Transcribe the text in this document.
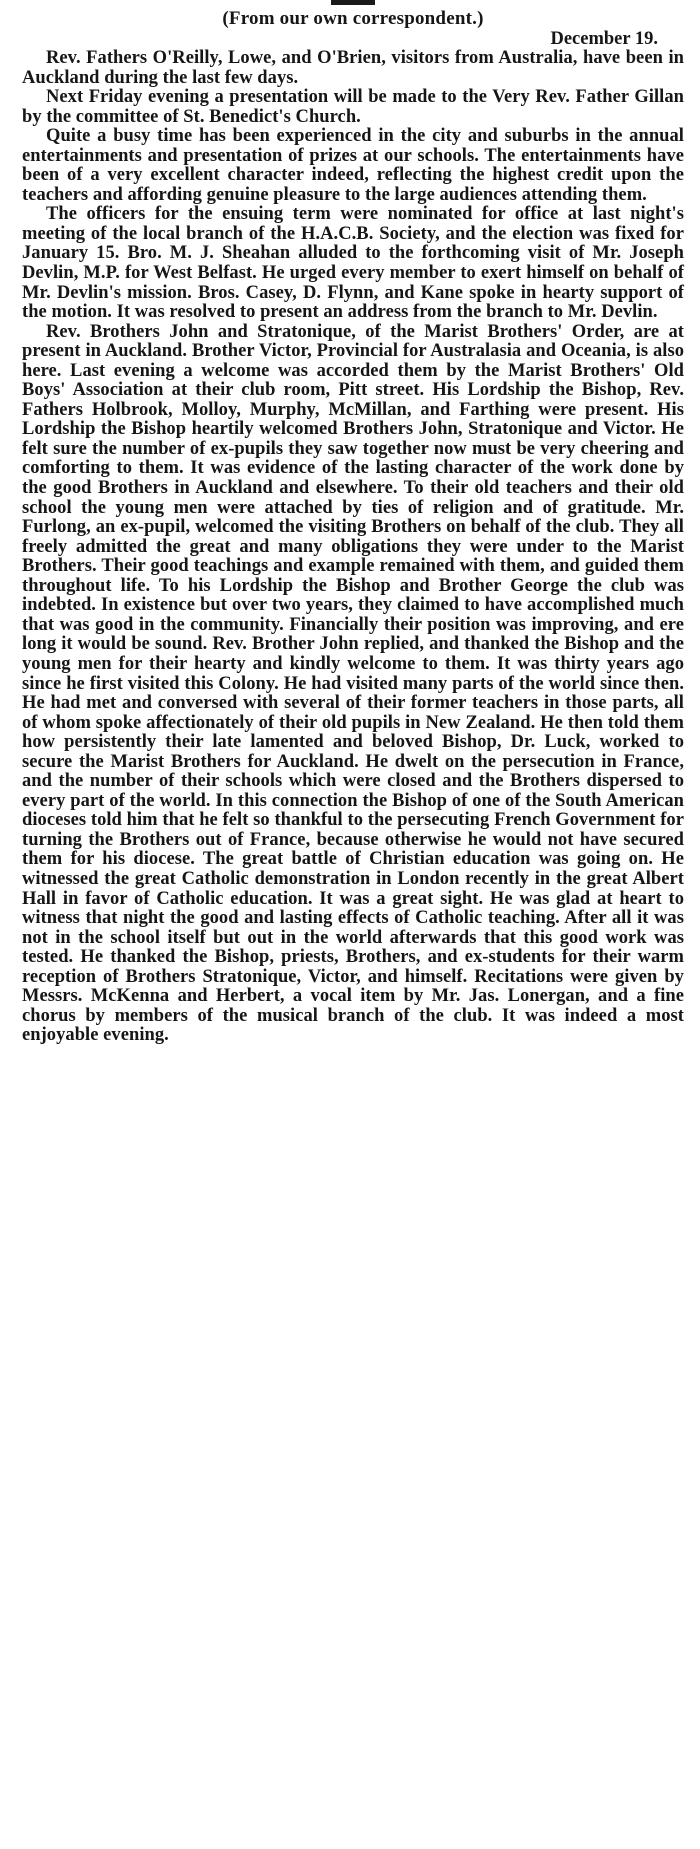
(From our own correspondent.)
December 19.

Rev. Fathers O'Reilly, Lowe, and O'Brien, visitors from Australia, have been in Auckland during the last few days.

Next Friday evening a presentation will be made to the Very Rev. Father Gillan by the committee of St. Benedict's Church.

Quite a busy time has been experienced in the city and suburbs in the annual entertainments and presentation of prizes at our schools. The entertainments have been of a very excellent character indeed, reflecting the highest credit upon the teachers and affording genuine pleasure to the large audiences attending them.

The officers for the ensuing term were nominated for office at last night's meeting of the local branch of the H.A.C.B. Society, and the election was fixed for January 15. Bro. M. J. Sheahan alluded to the forthcoming visit of Mr. Joseph Devlin, M.P. for West Belfast. He urged every member to exert himself on behalf of Mr. Devlin's mission. Bros. Casey, D. Flynn, and Kane spoke in hearty support of the motion. It was resolved to present an address from the branch to Mr. Devlin.

Rev. Brothers John and Stratonique, of the Marist Brothers' Order, are at present in Auckland. Brother Victor, Provincial for Australasia and Oceania, is also here. Last evening a welcome was accorded them by the Marist Brothers' Old Boys' Association at their club room, Pitt street. His Lordship the Bishop, Rev. Fathers Holbrook, Molloy, Murphy, McMillan, and Farthing were present. His Lordship the Bishop heartily welcomed Brothers John, Stratonique and Victor. He felt sure the number of ex-pupils they saw together now must be very cheering and comforting to them. It was evidence of the lasting character of the work done by the good Brothers in Auckland and elsewhere. To their old teachers and their old school the young men were attached by ties of religion and of gratitude. Mr. Furlong, an ex-pupil, welcomed the visiting Brothers on behalf of the club. They all freely admitted the great and many obligations they were under to the Marist Brothers. Their good teachings and example remained with them, and guided them throughout life. To his Lordship the Bishop and Brother George the club was indebted. In existence but over two years, they claimed to have accomplished much that was good in the community. Financially their position was improving, and ere long it would be sound. Rev. Brother John replied, and thanked the Bishop and the young men for their hearty and kindly welcome to them. It was thirty years ago since he first visited this Colony. He had visited many parts of the world since then. He had met and conversed with several of their former teachers in those parts, all of whom spoke affectionately of their old pupils in New Zealand. He then told them how persistently their late lamented and beloved Bishop, Dr. Luck, worked to secure the Marist Brothers for Auckland. He dwelt on the persecution in France, and the number of their schools which were closed and the Brothers dispersed to every part of the world. In this connection the Bishop of one of the South American dioceses told him that he felt so thankful to the persecuting French Government for turning the Brothers out of France, because otherwise he would not have secured them for his diocese. The great battle of Christian education was going on. He witnessed the great Catholic demonstration in London recently in the great Albert Hall in favor of Catholic education. It was a great sight. He was glad at heart to witness that night the good and lasting effects of Catholic teaching. After all it was not in the school itself but out in the world afterwards that this good work was tested. He thanked the Bishop, priests, Brothers, and ex-students for their warm reception of Brothers Stratonique, Victor, and himself. Recitations were given by Messrs. McKenna and Herbert, a vocal item by Mr. Jas. Lonergan, and a fine chorus by members of the musical branch of the club. It was indeed a most enjoyable evening.
